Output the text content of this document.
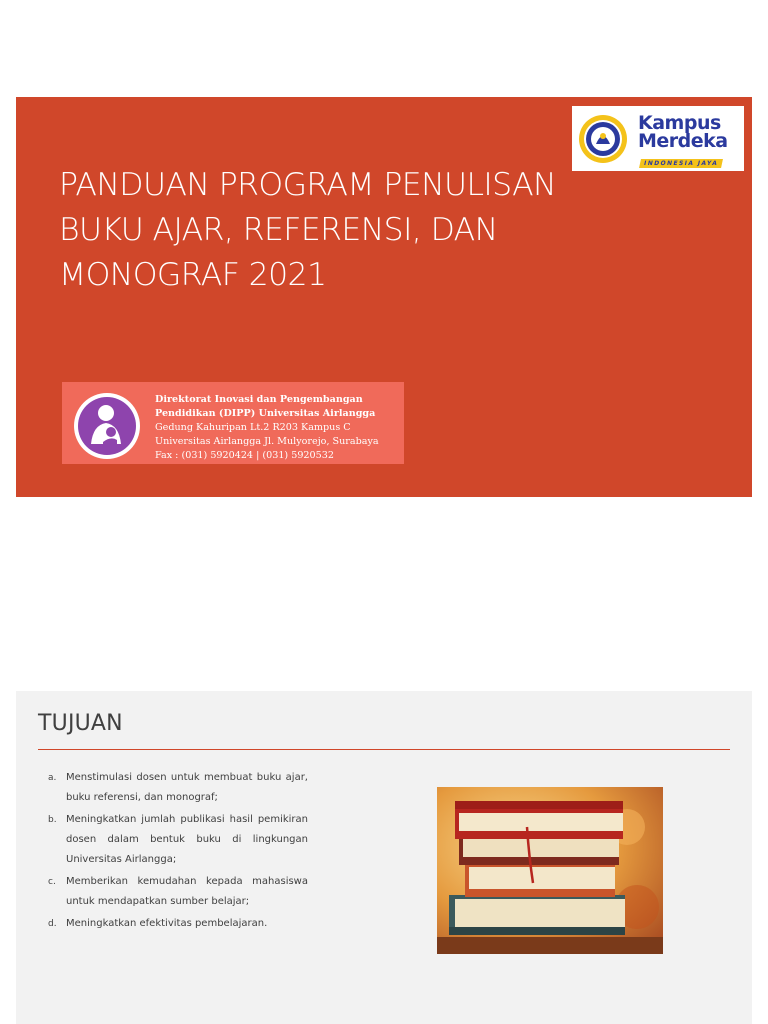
PANDUAN PROGRAM PENULISAN
BUKU AJAR, REFERENSI, DAN
MONOGRAF 2021
Kampus
Merdeka
INDONESIA JAYA
Direktorat Inovasi dan Pengembangan
Pendidikan (DIPP) Universitas Airlangga
Gedung Kahuripan Lt.2 R203 Kampus C
Universitas Airlangga Jl. Mulyorejo, Surabaya
Fax : (031) 5920424 | (031) 5920532
TUJUAN
a. Menstimulasi dosen untuk membuat buku ajar, buku referensi, dan monograf;
b. Meningkatkan jumlah publikasi hasil pemikiran dosen dalam bentuk buku di lingkungan Universitas Airlangga;
c. Memberikan kemudahan kepada mahasiswa untuk mendapatkan sumber belajar;
d. Meningkatkan efektivitas pembelajaran.
